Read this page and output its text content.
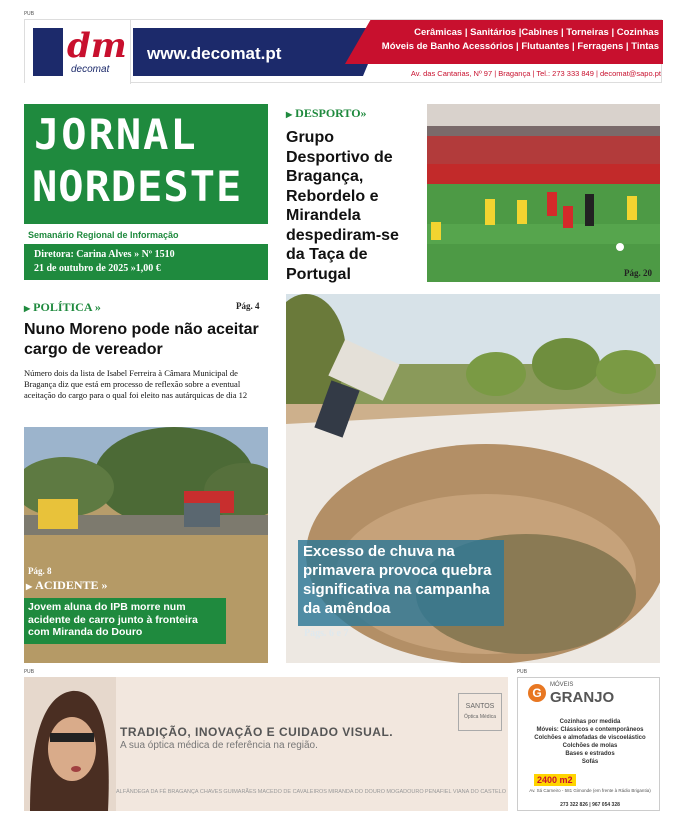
PUB
dm
decomat
www.decomat.pt
Cerâmicas | Sanitários |Cabines | Torneiras | Cozinhas
Móveis de Banho Acessórios | Flutuantes | Ferragens | Tintas
Av. das Cantarias, Nº 97 | Bragança | Tel.: 273 333 849 | decomat@sapo.pt
JORNAL
NORDESTE
Semanário Regional de Informação
Diretora: Carina Alves » Nº 1510
21 de outubro de 2025 »1,00 €
▶ DESPORTO»
Grupo Desportivo de Bragança, Rebordelo e Mirandela despediram-se da Taça de Portugal	Pág. 20
▶ POLÍTICA »	Pág. 4
Nuno Moreno pode não aceitar cargo de vereador
Número dois da lista de Isabel Ferreira à Câmara Municipal de Bragança diz que está em processo de reflexão sobre a eventual aceitação do cargo para o qual foi eleito nas autárquicas de dia 12
Pág. 8
▶ ACIDENTE »
Jovem aluna do IPB morre num acidente de carro junto à fronteira com Miranda do Douro
Excesso de chuva na primavera provoca quebra significativa na campanha da amêndoa
Págs. 6 e 7
PUB	PUB
TRADIÇÃO, INOVAÇÃO E CUIDADO VISUAL.
A sua óptica médica de referência na região.
SANTOS
Óptica Médica
ALFÂNDEGA DA FÉ BRAGANÇA CHAVES GUIMARÃES MACEDO DE CAVALEIROS MIRANDA DO DOURO MOGADOURO PENAFIEL VIANA DO CASTELO
G
MÓVEIS
GRANJO
Cozinhas por medida
Móveis: Clássicos e contemporâneos
Colchões e almofadas de viscoelástico
Colchões de molas
Bases e estrados
Sofás
2400 m2
Av. Sá Carneiro - 581 Gimonde (em frente à Rádio Brigantia)
273 322 826 | 967 054 328
